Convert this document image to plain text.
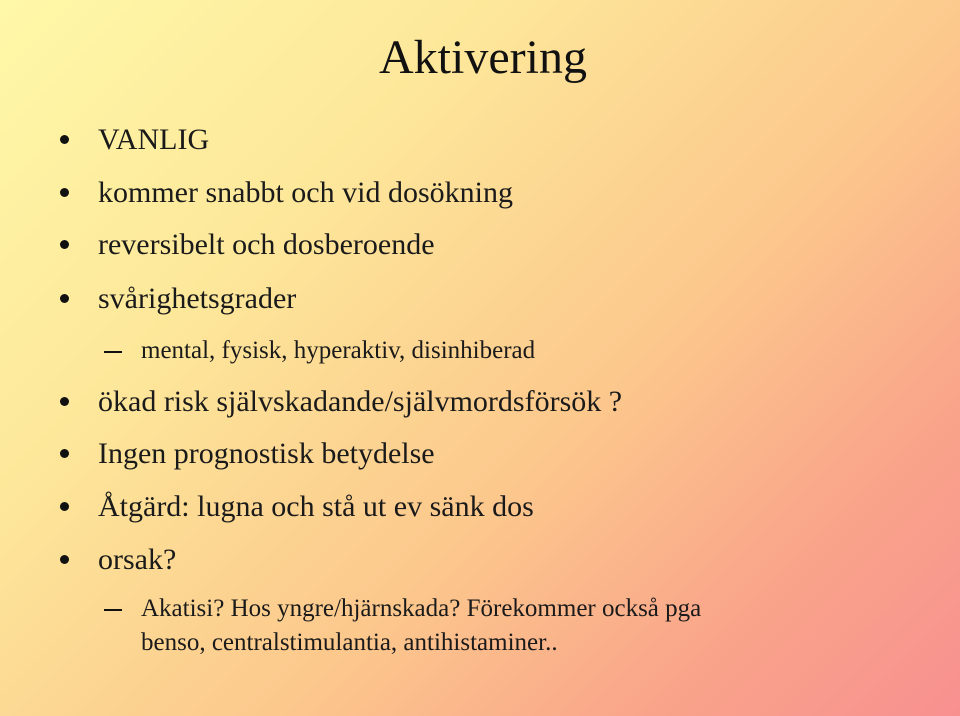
Aktivering
VANLIG
kommer snabbt och vid dosökning
reversibelt och dosberoende
svårighetsgrader
mental, fysisk, hyperaktiv, disinhiberad
ökad risk självskadande/självmordsförsök ?
Ingen prognostisk betydelse
Åtgärd: lugna och stå ut ev sänk dos
orsak?
Akatisi? Hos yngre/hjärnskada? Förekommer också pga
benso, centralstimulantia, antihistaminer..
